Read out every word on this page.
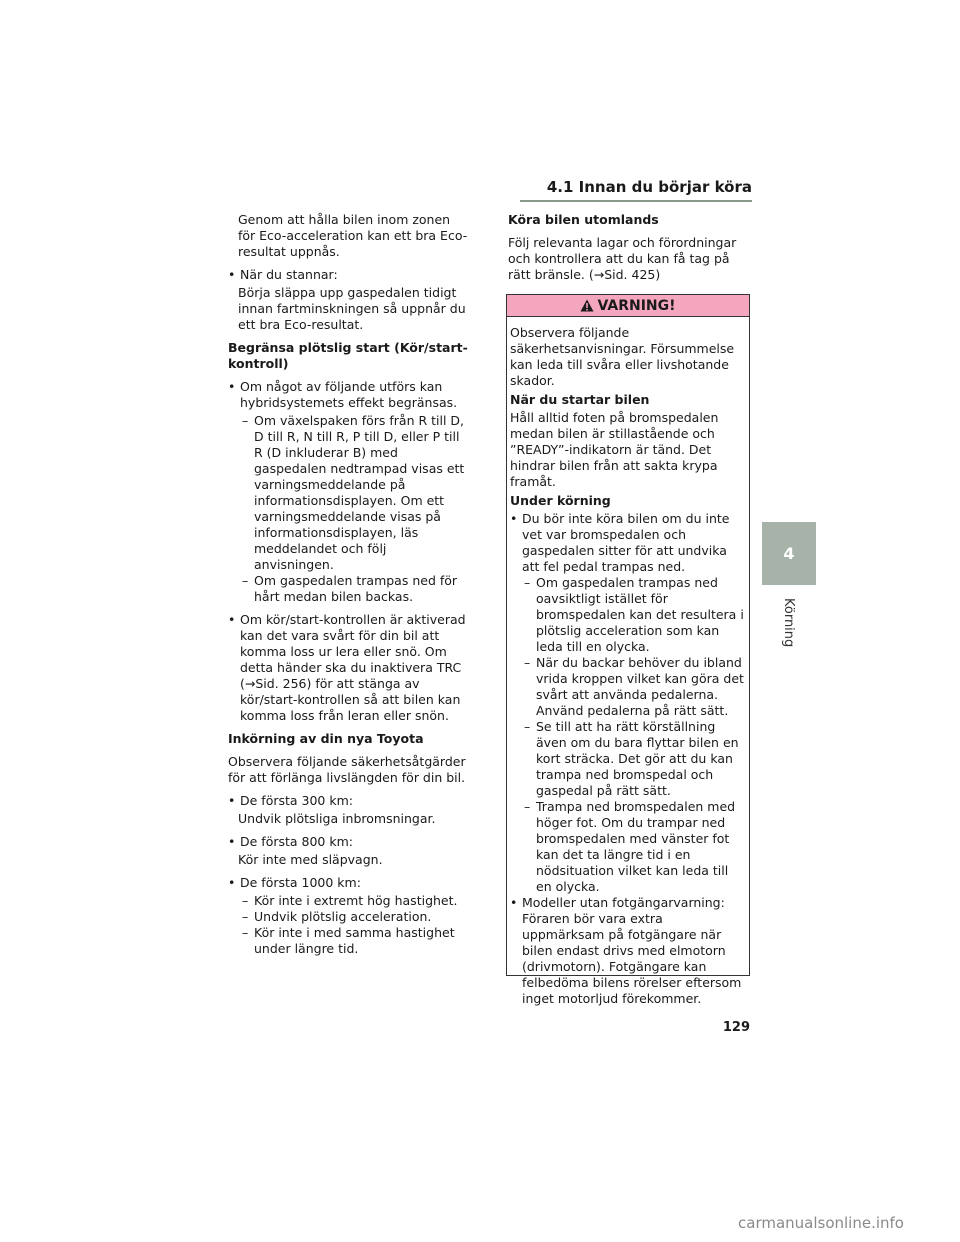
4.1 Innan du börjar köra
4
Körning

Genom att hålla bilen inom zonen för Eco-acceleration kan ett bra Eco-resultat uppnås.

• När du stannar:

Börja släppa upp gaspedalen tidigt innan fartminskningen så uppnår du ett bra Eco-resultat.

Begränsa plötslig start (Kör/start-kontroll)

• Om något av följande utförs kan hybridsystemets effekt begränsas.

– Om växelspaken förs från R till D, D till R, N till R, P till D, eller P till R (D inkluderar B) med gaspedalen nedtrampad visas ett varningsmeddelande på informationsdisplayen. Om ett varningsmeddelande visas på informationsdisplayen, läs meddelandet och följ anvisningen.

– Om gaspedalen trampas ned för hårt medan bilen backas.

• Om kör/start-kontrollen är aktiverad kan det vara svårt för din bil att komma loss ur lera eller snö. Om detta händer ska du inaktivera TRC (→Sid. 256) för att stänga av kör/start-kontrollen så att bilen kan komma loss från leran eller snön.

Inkörning av din nya Toyota

Observera följande säkerhetsåtgärder för att förlänga livslängden för din bil.

• De första 300 km:

Undvik plötsliga inbromsningar.

• De första 800 km:

Kör inte med släpvagn.

• De första 1000 km:

– Kör inte i extremt hög hastighet.

– Undvik plötslig acceleration.

– Kör inte i med samma hastighet under längre tid.

Köra bilen utomlands

Följ relevanta lagar och förordningar och kontrollera att du kan få tag på rätt bränsle. (→Sid. 425)

VARNING!

Observera följande säkerhetsanvisningar. Försummelse kan leda till svåra eller livshotande skador.

När du startar bilen

Håll alltid foten på bromspedalen medan bilen är stillastående och ”READY”-indikatorn är tänd. Det hindrar bilen från att sakta krypa framåt.

Under körning

• Du bör inte köra bilen om du inte vet var bromspedalen och gaspedalen sitter för att undvika att fel pedal trampas ned.

– Om gaspedalen trampas ned oavsiktligt istället för bromspedalen kan det resultera i plötslig acceleration som kan leda till en olycka.

– När du backar behöver du ibland vrida kroppen vilket kan göra det svårt att använda pedalerna. Använd pedalerna på rätt sätt.

– Se till att ha rätt körställning även om du bara flyttar bilen en kort sträcka. Det gör att du kan trampa ned bromspedal och gaspedal på rätt sätt.

– Trampa ned bromspedalen med höger fot. Om du trampar ned bromspedalen med vänster fot kan det ta längre tid i en nödsituation vilket kan leda till en olycka.

• Modeller utan fotgängarvarning: Föraren bör vara extra uppmärksam på fotgängare när bilen endast drivs med elmotorn (drivmotorn). Fotgängare kan felbedöma bilens rörelser eftersom inget motorljud förekommer.

129
carmanualsonline.info
